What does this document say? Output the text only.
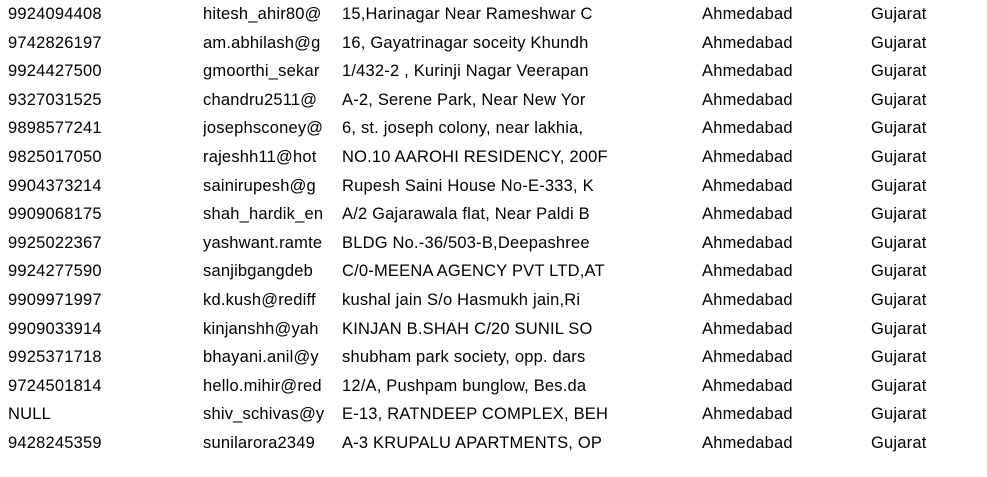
9924094408	hitesh_ahir80@	15,Harinagar Near Rameshwar C	Ahmedabad	Gujarat
9742826197	am.abhilash@g	16, Gayatrinagar soceity Khundh	Ahmedabad	Gujarat
9924427500	gmoorthi_sekar	1/432-2 , Kurinji Nagar Veerapan	Ahmedabad	Gujarat
9327031525	chandru2511@	A-2, Serene Park, Near New Yor	Ahmedabad	Gujarat
9898577241	josephsconey@	6, st. joseph colony, near lakhia,	Ahmedabad	Gujarat
9825017050	rajeshh11@hot	NO.10 AAROHI RESIDENCY, 200F	Ahmedabad	Gujarat
9904373214	sainirupesh@g	Rupesh Saini House No-E-333, K	Ahmedabad	Gujarat
9909068175	shah_hardik_en	A/2 Gajarawala flat, Near Paldi B	Ahmedabad	Gujarat
9925022367	yashwant.ramte	BLDG No.-36/503-B,Deepashree	Ahmedabad	Gujarat
9924277590	sanjibgangdeb	C/0-MEENA AGENCY PVT LTD,AT	Ahmedabad	Gujarat
9909971997	kd.kush@rediff	kushal jain S/o Hasmukh jain,Ri	Ahmedabad	Gujarat
9909033914	kinjanshh@yah	KINJAN B.SHAH C/20 SUNIL SO	Ahmedabad	Gujarat
9925371718	bhayani.anil@y	shubham park society, opp. dars	Ahmedabad	Gujarat
9724501814	hello.mihir@red	12/A, Pushpam bunglow, Bes.da	Ahmedabad	Gujarat
NULL	shiv_schivas@y	E-13, RATNDEEP COMPLEX, BEH	Ahmedabad	Gujarat
9428245359	sunilarora2349	A-3 KRUPALU APARTMENTS, OP	Ahmedabad	Gujarat
